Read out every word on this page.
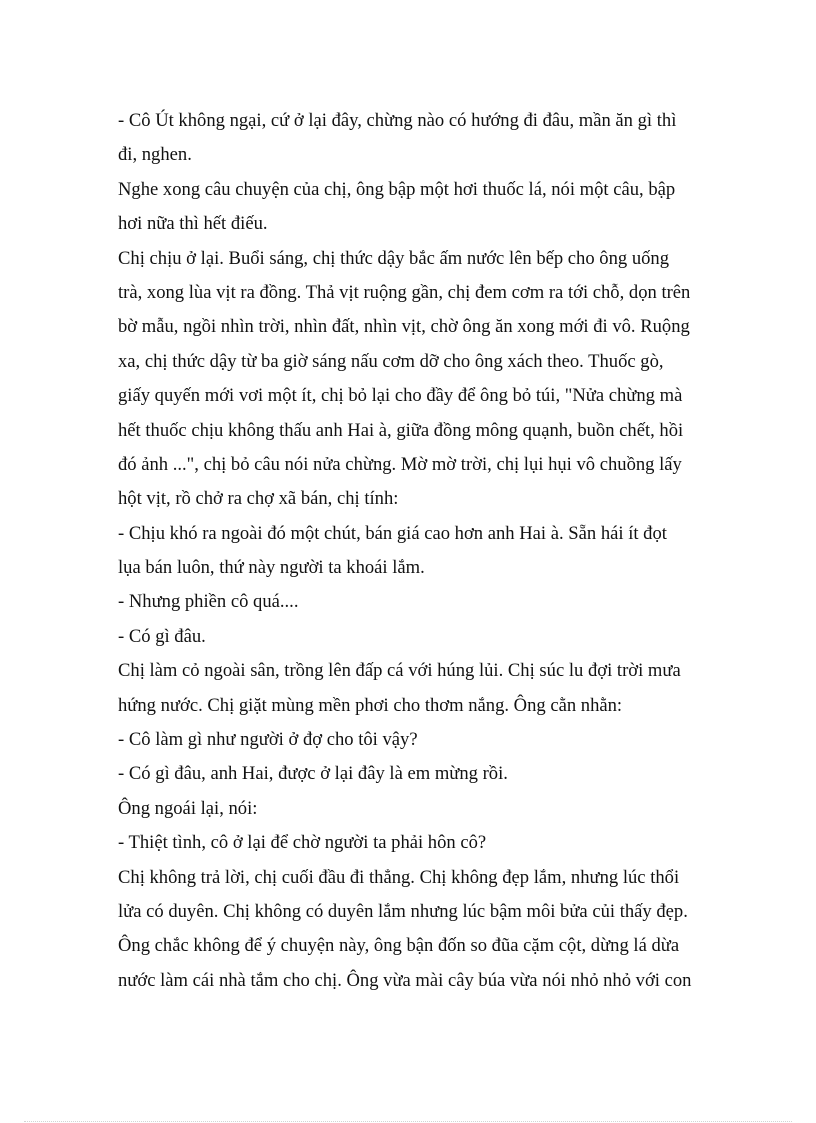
- Cô Út không ngại, cứ ở lại đây, chừng nào có hướng đi đâu, mần ăn gì thì
đi, nghen.
Nghe xong câu chuyện của chị, ông bập một hơi thuốc lá, nói một câu, bập
hơi nữa thì hết điếu.
Chị chịu ở lại. Buổi sáng, chị thức dậy bắc ấm nước lên bếp cho ông uống
trà, xong lùa vịt ra đồng. Thả vịt ruộng gần, chị đem cơm ra tới chỗ, dọn trên
bờ mẫu, ngồi nhìn trời, nhìn đất, nhìn vịt, chờ ông ăn xong mới đi vô. Ruộng
xa, chị thức dậy từ ba giờ sáng nấu cơm dỡ cho ông xách theo. Thuốc gò,
giấy quyến mới vơi một ít, chị bỏ lại cho đầy để ông bỏ túi, "Nửa chừng mà
hết thuốc chịu không thấu anh Hai à, giữa đồng mông quạnh, buồn chết, hồi
đó ảnh ...", chị bỏ câu nói nửa chừng. Mờ mờ trời, chị lụi hụi vô chuồng lấy
hột vịt, rồ chở ra chợ xã bán, chị tính:
- Chịu khó ra ngoài đó một chút, bán giá cao hơn anh Hai à. Sẵn hái ít đọt
lụa bán luôn, thứ này người ta khoái lắm.
- Nhưng phiền cô quá....
- Có gì đâu.
Chị làm cỏ ngoài sân, trồng lên đấp cá với húng lủi. Chị súc lu đợi trời mưa
hứng nước. Chị giặt mùng mền phơi cho thơm nắng. Ông cằn nhằn:
- Cô làm gì như người ở đợ cho tôi vậy?
- Có gì đâu, anh Hai, được ở lại đây là em mừng rồi.
Ông ngoái lại, nói:
- Thiệt tình, cô ở lại để chờ người ta phải hôn cô?
Chị không trả lời, chị cuối đầu đi thẳng. Chị không đẹp lắm, nhưng lúc thổi
lửa có duyên. Chị không có duyên lắm nhưng lúc bậm môi bửa củi thấy đẹp.
Ông chắc không để ý chuyện này, ông bận đốn so đũa cặm cột, dừng lá dừa
nước làm cái nhà tắm cho chị. Ông vừa mài cây búa vừa nói nhỏ nhỏ với con
